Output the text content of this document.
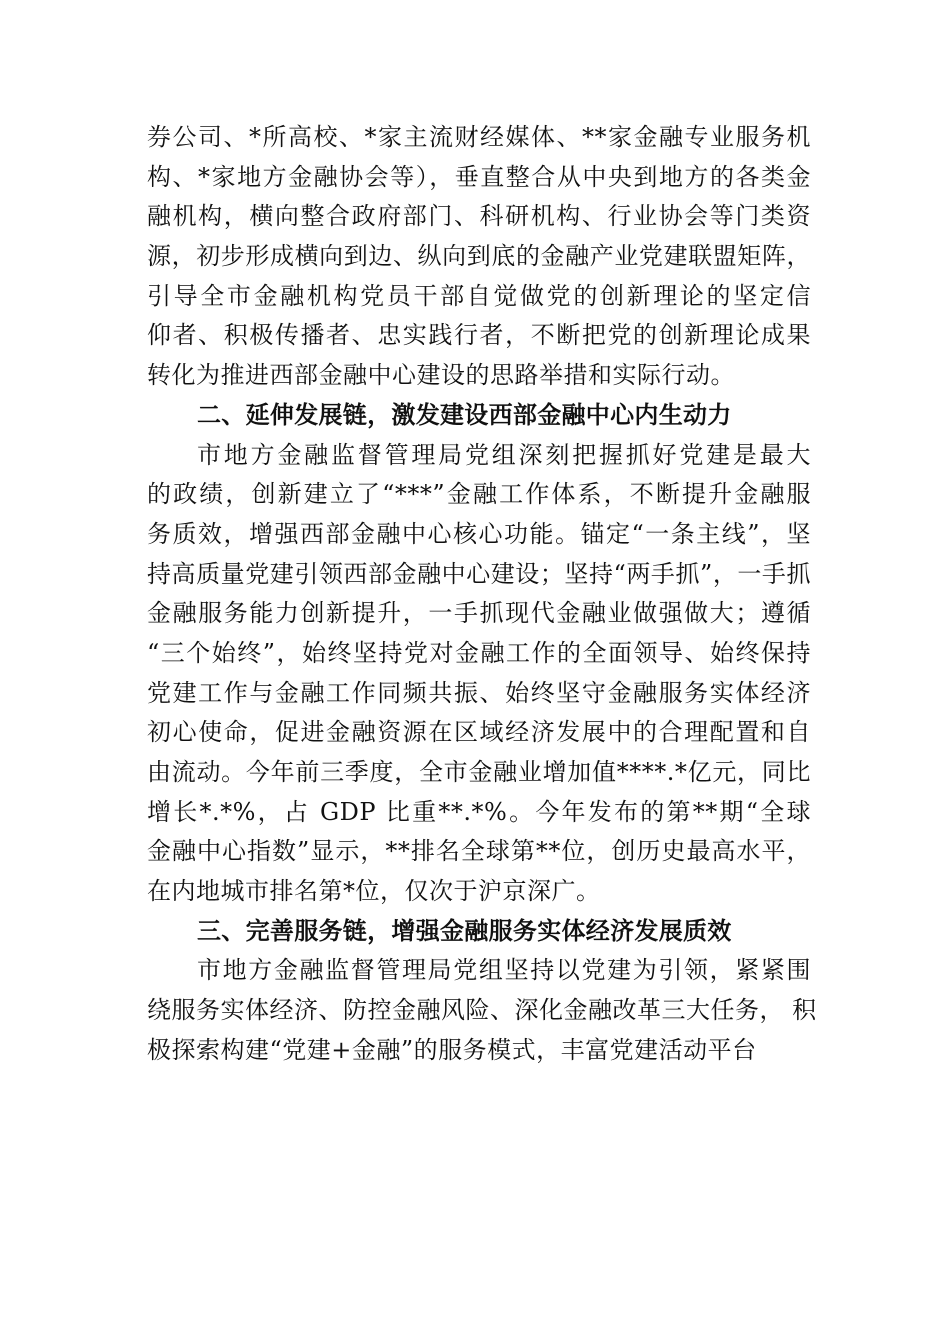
券公司、*所高校、*家主流财经媒体、**家金融专业服务机
构、*家地方金融协会等），垂直整合从中央到地方的各类金
融机构，横向整合政府部门、科研机构、行业协会等门类资
源，初步形成横向到边、纵向到底的金融产业党建联盟矩阵，
引导全市金融机构党员干部自觉做党的创新理论的坚定信
仰者、积极传播者、忠实践行者，不断把党的创新理论成果
转化为推进西部金融中心建设的思路举措和实际行动。
二、延伸发展链，激发建设西部金融中心内生动力
市地方金融监督管理局党组深刻把握抓好党建是最大
的政绩，创新建立了“***”金融工作体系，不断提升金融服
务质效，增强西部金融中心核心功能。锚定“一条主线”，坚
持高质量党建引领西部金融中心建设；坚持“两手抓”，一手抓
金融服务能力创新提升，一手抓现代金融业做强做大；遵循
“三个始终”，始终坚持党对金融工作的全面领导、始终保持
党建工作与金融工作同频共振、始终坚守金融服务实体经济
初心使命，促进金融资源在区域经济发展中的合理配置和自
由流动。今年前三季度，全市金融业增加值****.*亿元，同比
增长*.*%，占 GDP 比重**.*%。今年发布的第**期“全球
金融中心指数”显示，**排名全球第**位，创历史最高水平，
在内地城市排名第*位，仅次于沪京深广。
三、完善服务链，增强金融服务实体经济发展质效
市地方金融监督管理局党组坚持以党建为引领，紧紧围
绕服务实体经济、防控金融风险、深化金融改革三大任务， 积
极探索构建“党建+金融”的服务模式，丰富党建活动平台
